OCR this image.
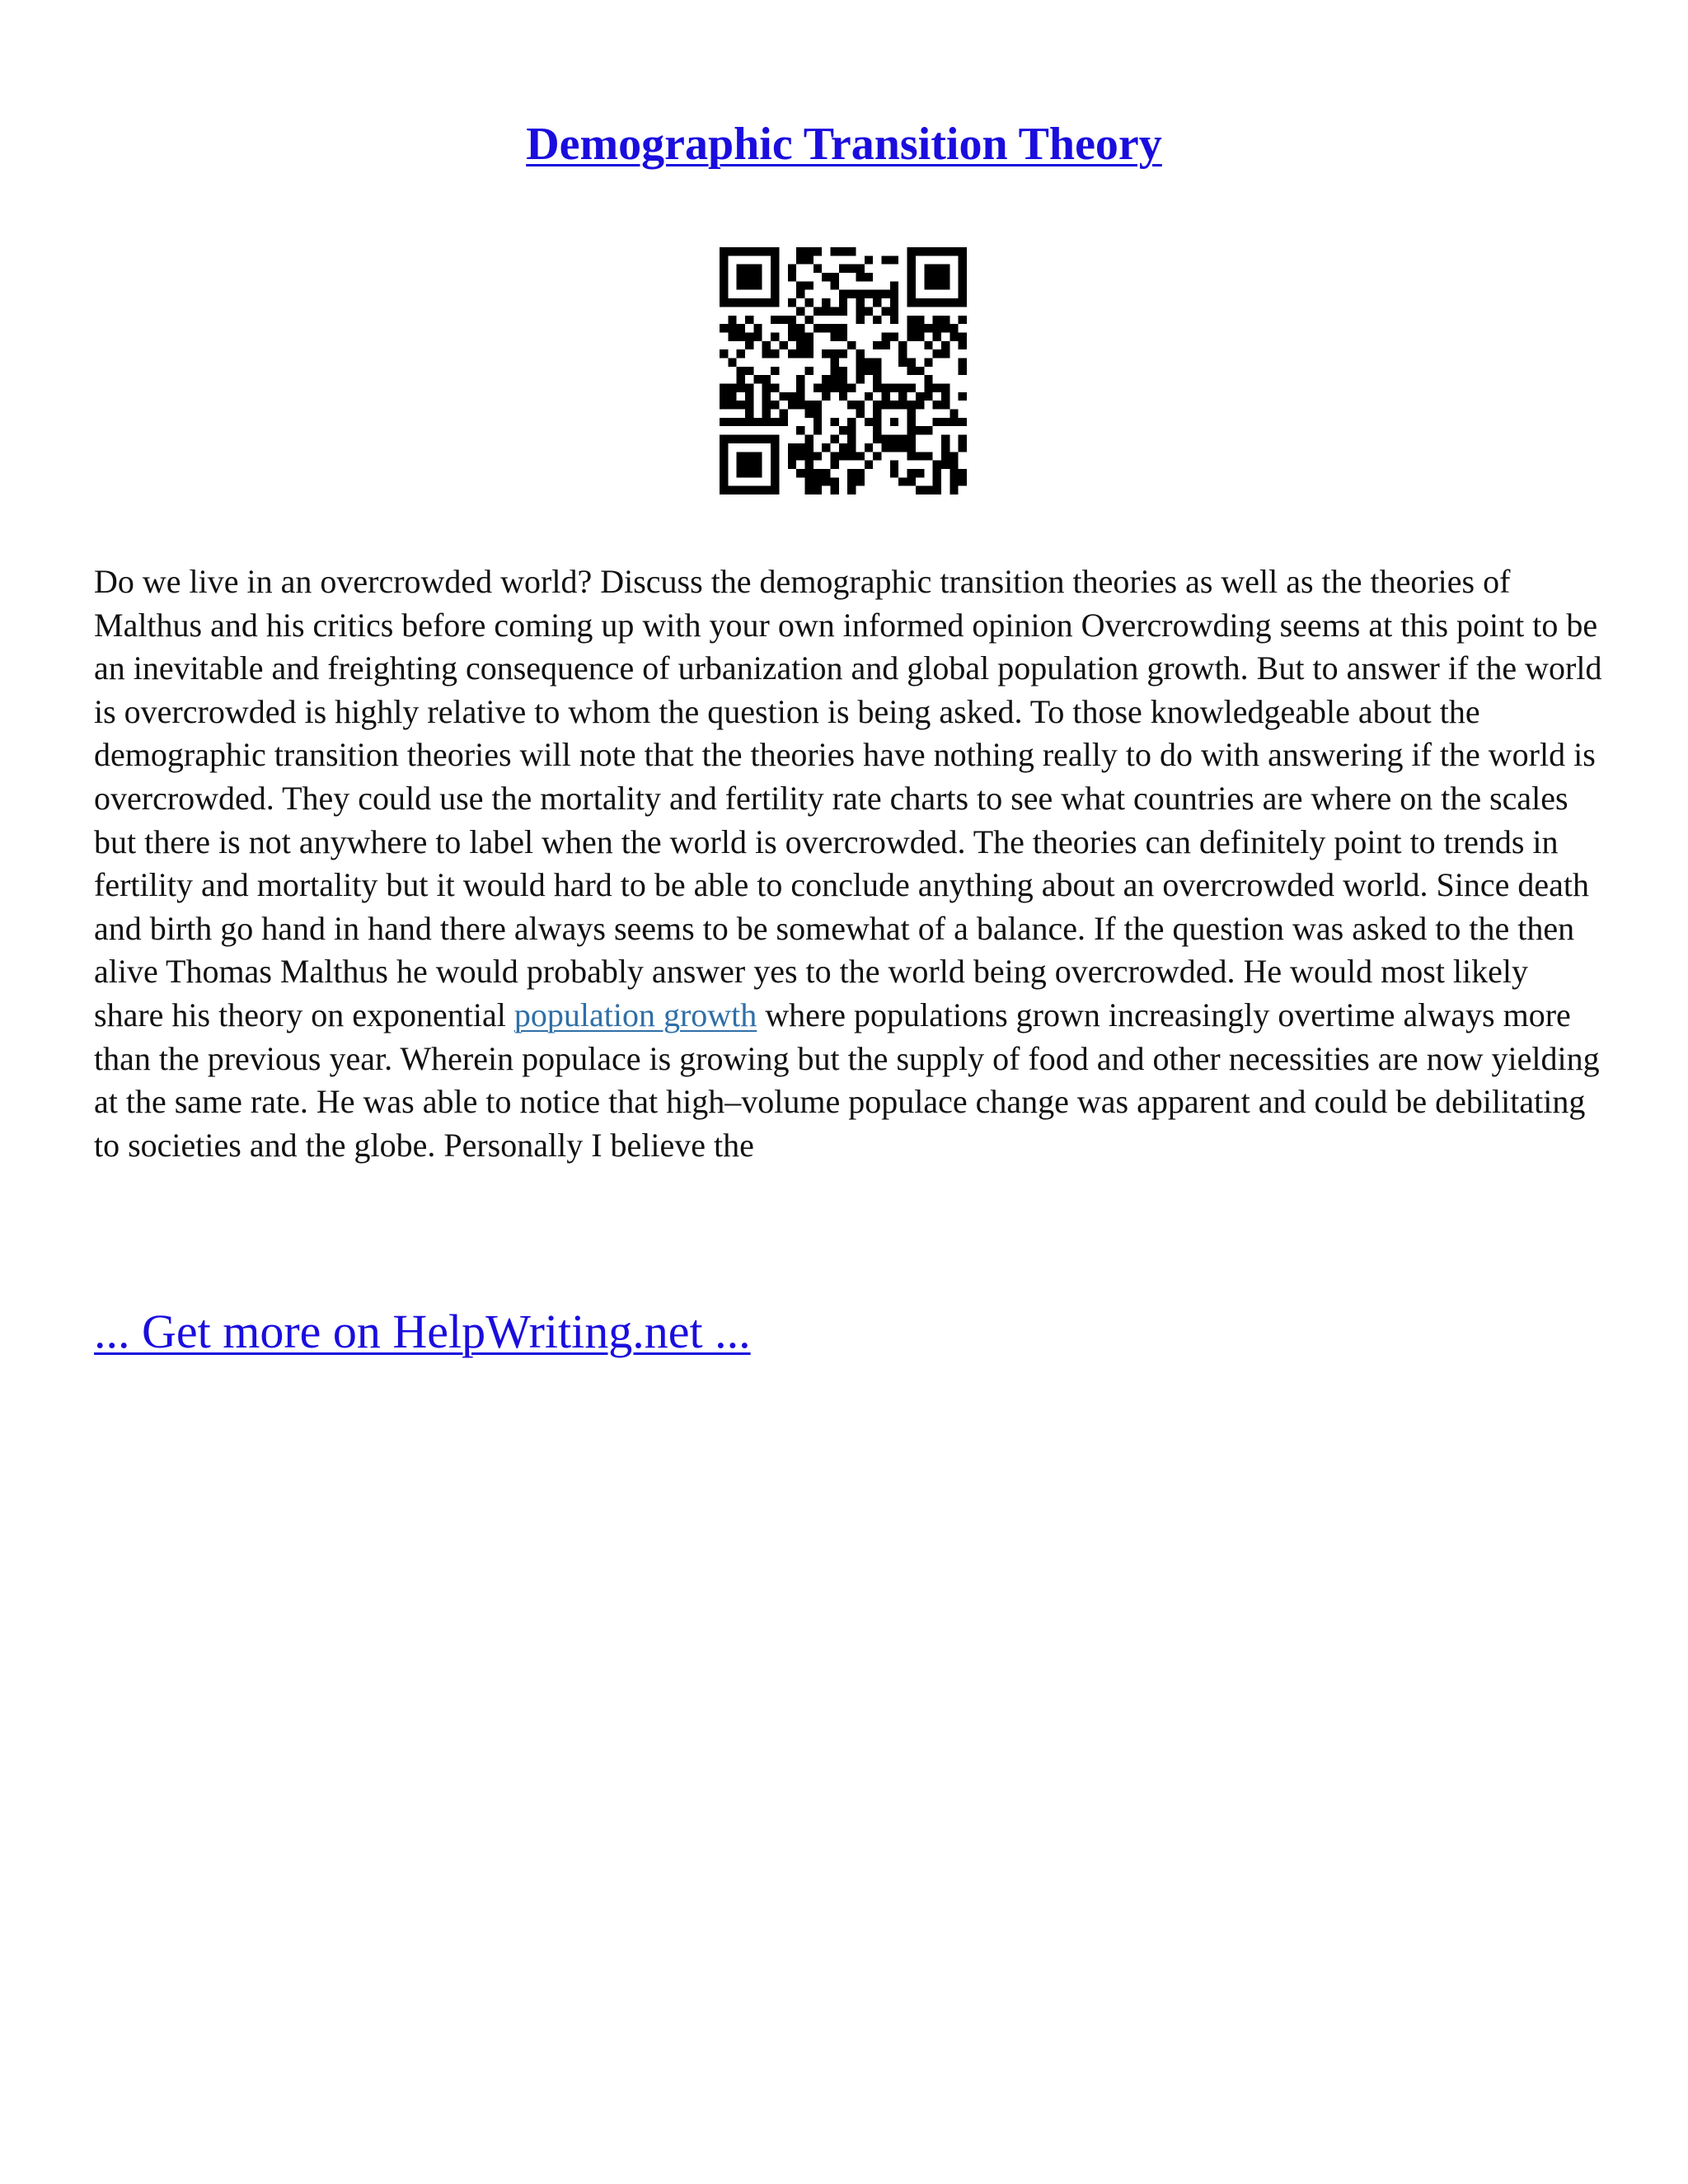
Demographic Transition Theory

Do we live in an overcrowded world? Discuss the demographic transition theories as well as the theories of Malthus and his critics before coming up with your own informed opinion Overcrowding seems at this point to be an inevitable and freighting consequence of urbanization and global population growth. But to answer if the world is overcrowded is highly relative to whom the question is being asked. To those knowledgeable about the demographic transition theories will note that the theories have nothing really to do with answering if the world is overcrowded. They could use the mortality and fertility rate charts to see what countries are where on the scales but there is not anywhere to label when the world is overcrowded. The theories can definitely point to trends in fertility and mortality but it would hard to be able to conclude anything about an overcrowded world. Since death and birth go hand in hand there always seems to be somewhat of a balance. If the question was asked to the then alive Thomas Malthus he would probably answer yes to the world being overcrowded. He would most likely share his theory on exponential population growth where populations grown increasingly overtime always more than the previous year. Wherein populace is growing but the supply of food and other necessities are now yielding at the same rate. He was able to notice that high–volume populace change was apparent and could be debilitating to societies and the globe. Personally I believe the

... Get more on HelpWriting.net ...
